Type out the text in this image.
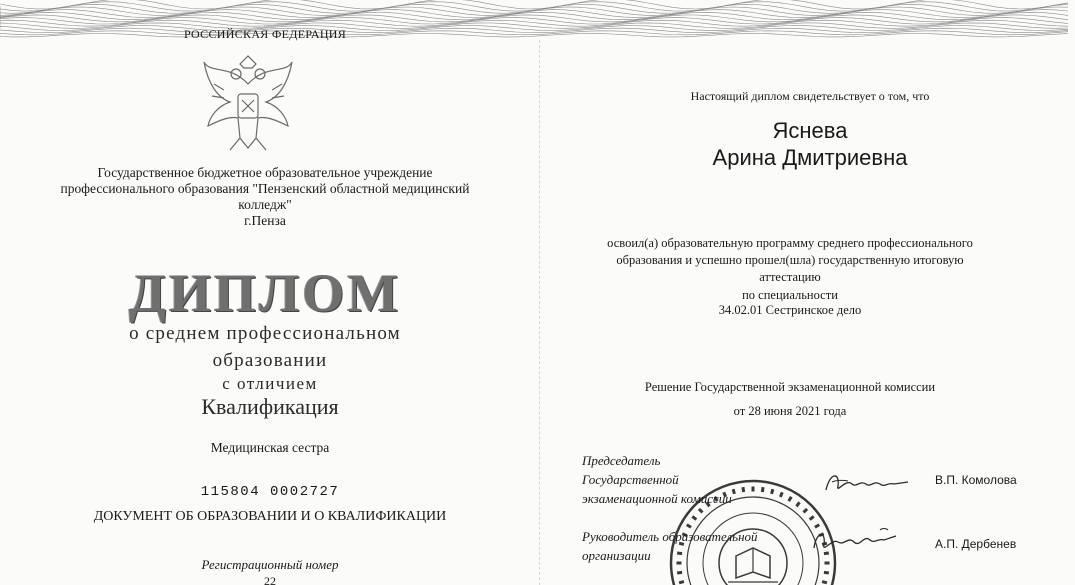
РОССИЙСКАЯ ФЕДЕРАЦИЯ
Государственное бюджетное образовательное учреждение
профессионального образования "Пензенский областной медицинский
колледж"
г.Пенза
ДИПЛОМ
о среднем профессиональном
образовании
с отличием
Квалификация
Медицинская сестра
115804 0002727
ДОКУМЕНТ ОБ ОБРАЗОВАНИИ И О КВАЛИФИКАЦИИ
Регистрационный номер
22
Настоящий диплом свидетельствует о том, что
Яснева
Арина Дмитриевна
освоил(а) образовательную программу среднего профессионального
образования и успешно прошел(шла) государственную итоговую
аттестацию
по специальности
34.02.01 Сестринское дело
Решение Государственной экзаменационной комиссии
от 28 июня 2021 года
Председатель
Государственной
экзаменационной комиссии
В.П. Комолова
Руководитель образовательной
организации
А.П. Дербенев
